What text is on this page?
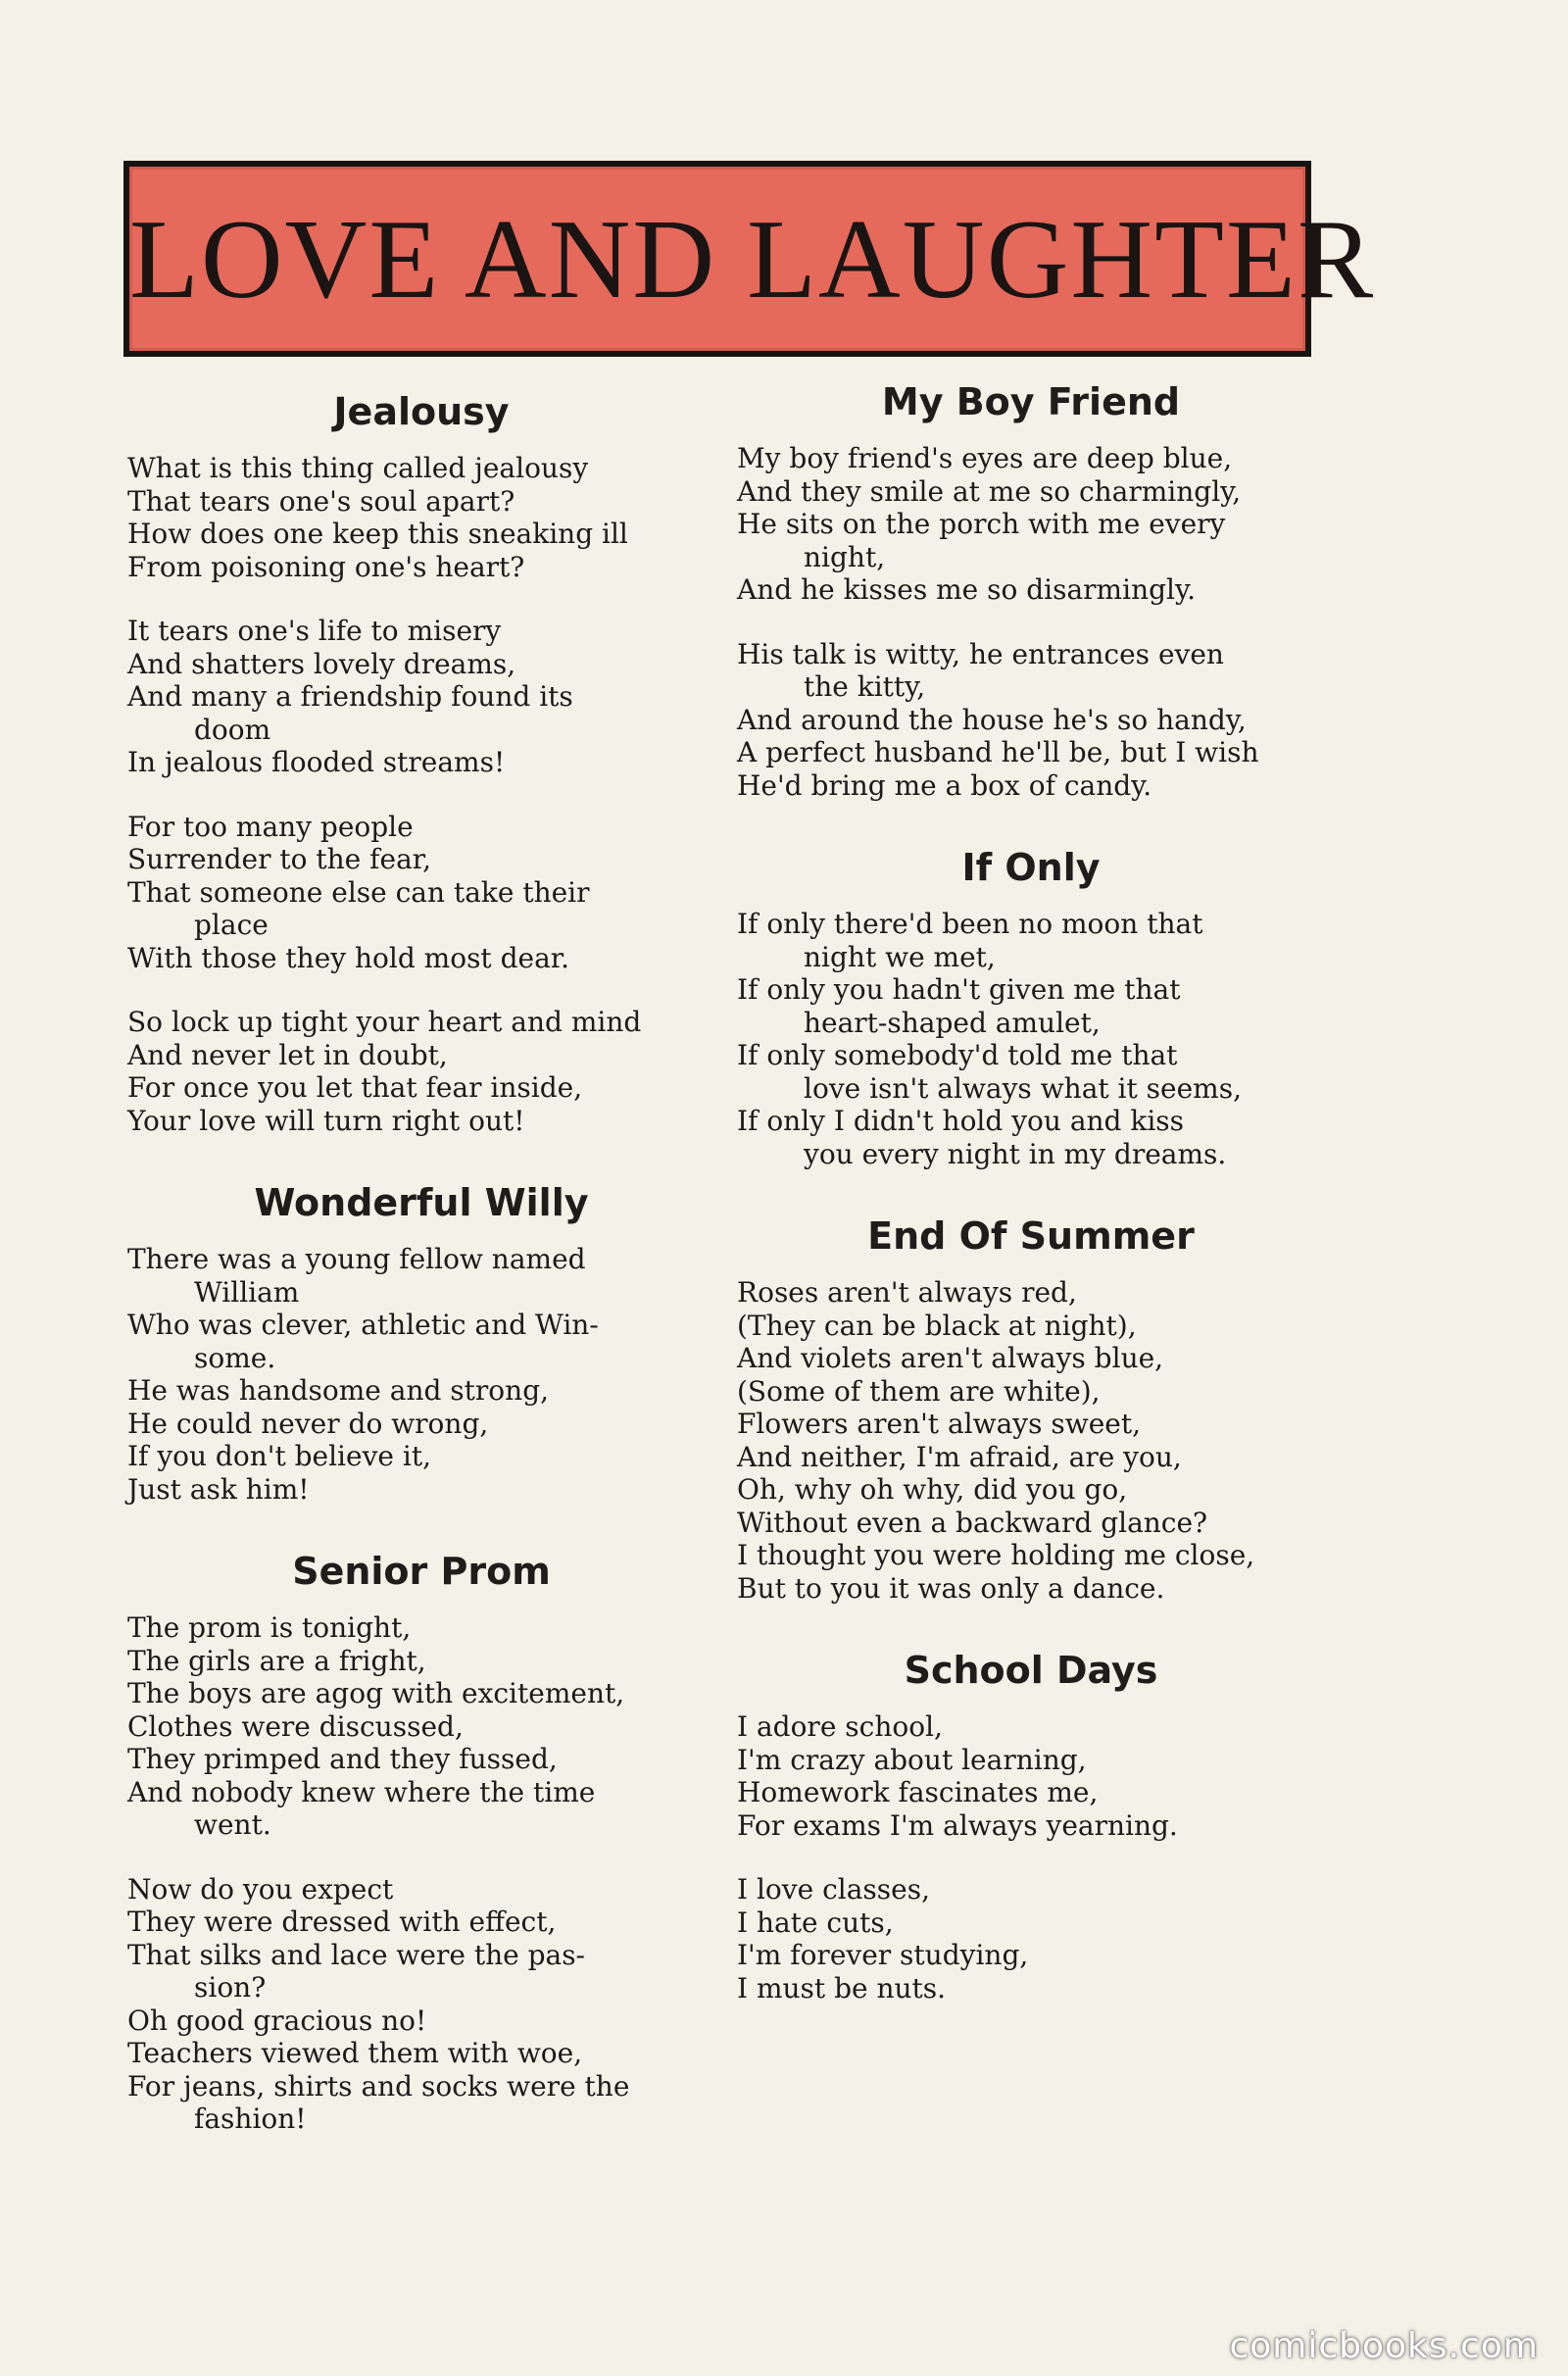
LOVE AND LAUGHTER
Jealousy
What is this thing called jealousy
That tears one's soul apart?
How does one keep this sneaking ill
From poisoning one's heart?
It tears one's life to misery
And shatters lovely dreams,
And many a friendship found its
doom
In jealous flooded streams!
For too many people
Surrender to the fear,
That someone else can take their
place
With those they hold most dear.
So lock up tight your heart and mind
And never let in doubt,
For once you let that fear inside,
Your love will turn right out!
Wonderful Willy
There was a young fellow named
William
Who was clever, athletic and Win-
some.
He was handsome and strong,
He could never do wrong,
If you don't believe it,
Just ask him!
Senior Prom
The prom is tonight,
The girls are a fright,
The boys are agog with excitement,
Clothes were discussed,
They primped and they fussed,
And nobody knew where the time
went.
Now do you expect
They were dressed with effect,
That silks and lace were the pas-
sion?
Oh good gracious no!
Teachers viewed them with woe,
For jeans, shirts and socks were the
fashion!
My Boy Friend
My boy friend's eyes are deep blue,
And they smile at me so charmingly,
He sits on the porch with me every
night,
And he kisses me so disarmingly.
His talk is witty, he entrances even
the kitty,
And around the house he's so handy,
A perfect husband he'll be, but I wish
He'd bring me a box of candy.
If Only
If only there'd been no moon that
night we met,
If only you hadn't given me that
heart-shaped amulet,
If only somebody'd told me that
love isn't always what it seems,
If only I didn't hold you and kiss
you every night in my dreams.
End Of Summer
Roses aren't always red,
(They can be black at night),
And violets aren't always blue,
(Some of them are white),
Flowers aren't always sweet,
And neither, I'm afraid, are you,
Oh, why oh why, did you go,
Without even a backward glance?
I thought you were holding me close,
But to you it was only a dance.
School Days
I adore school,
I'm crazy about learning,
Homework fascinates me,
For exams I'm always yearning.
I love classes,
I hate cuts,
I'm forever studying,
I must be nuts.
comicbooks.com
